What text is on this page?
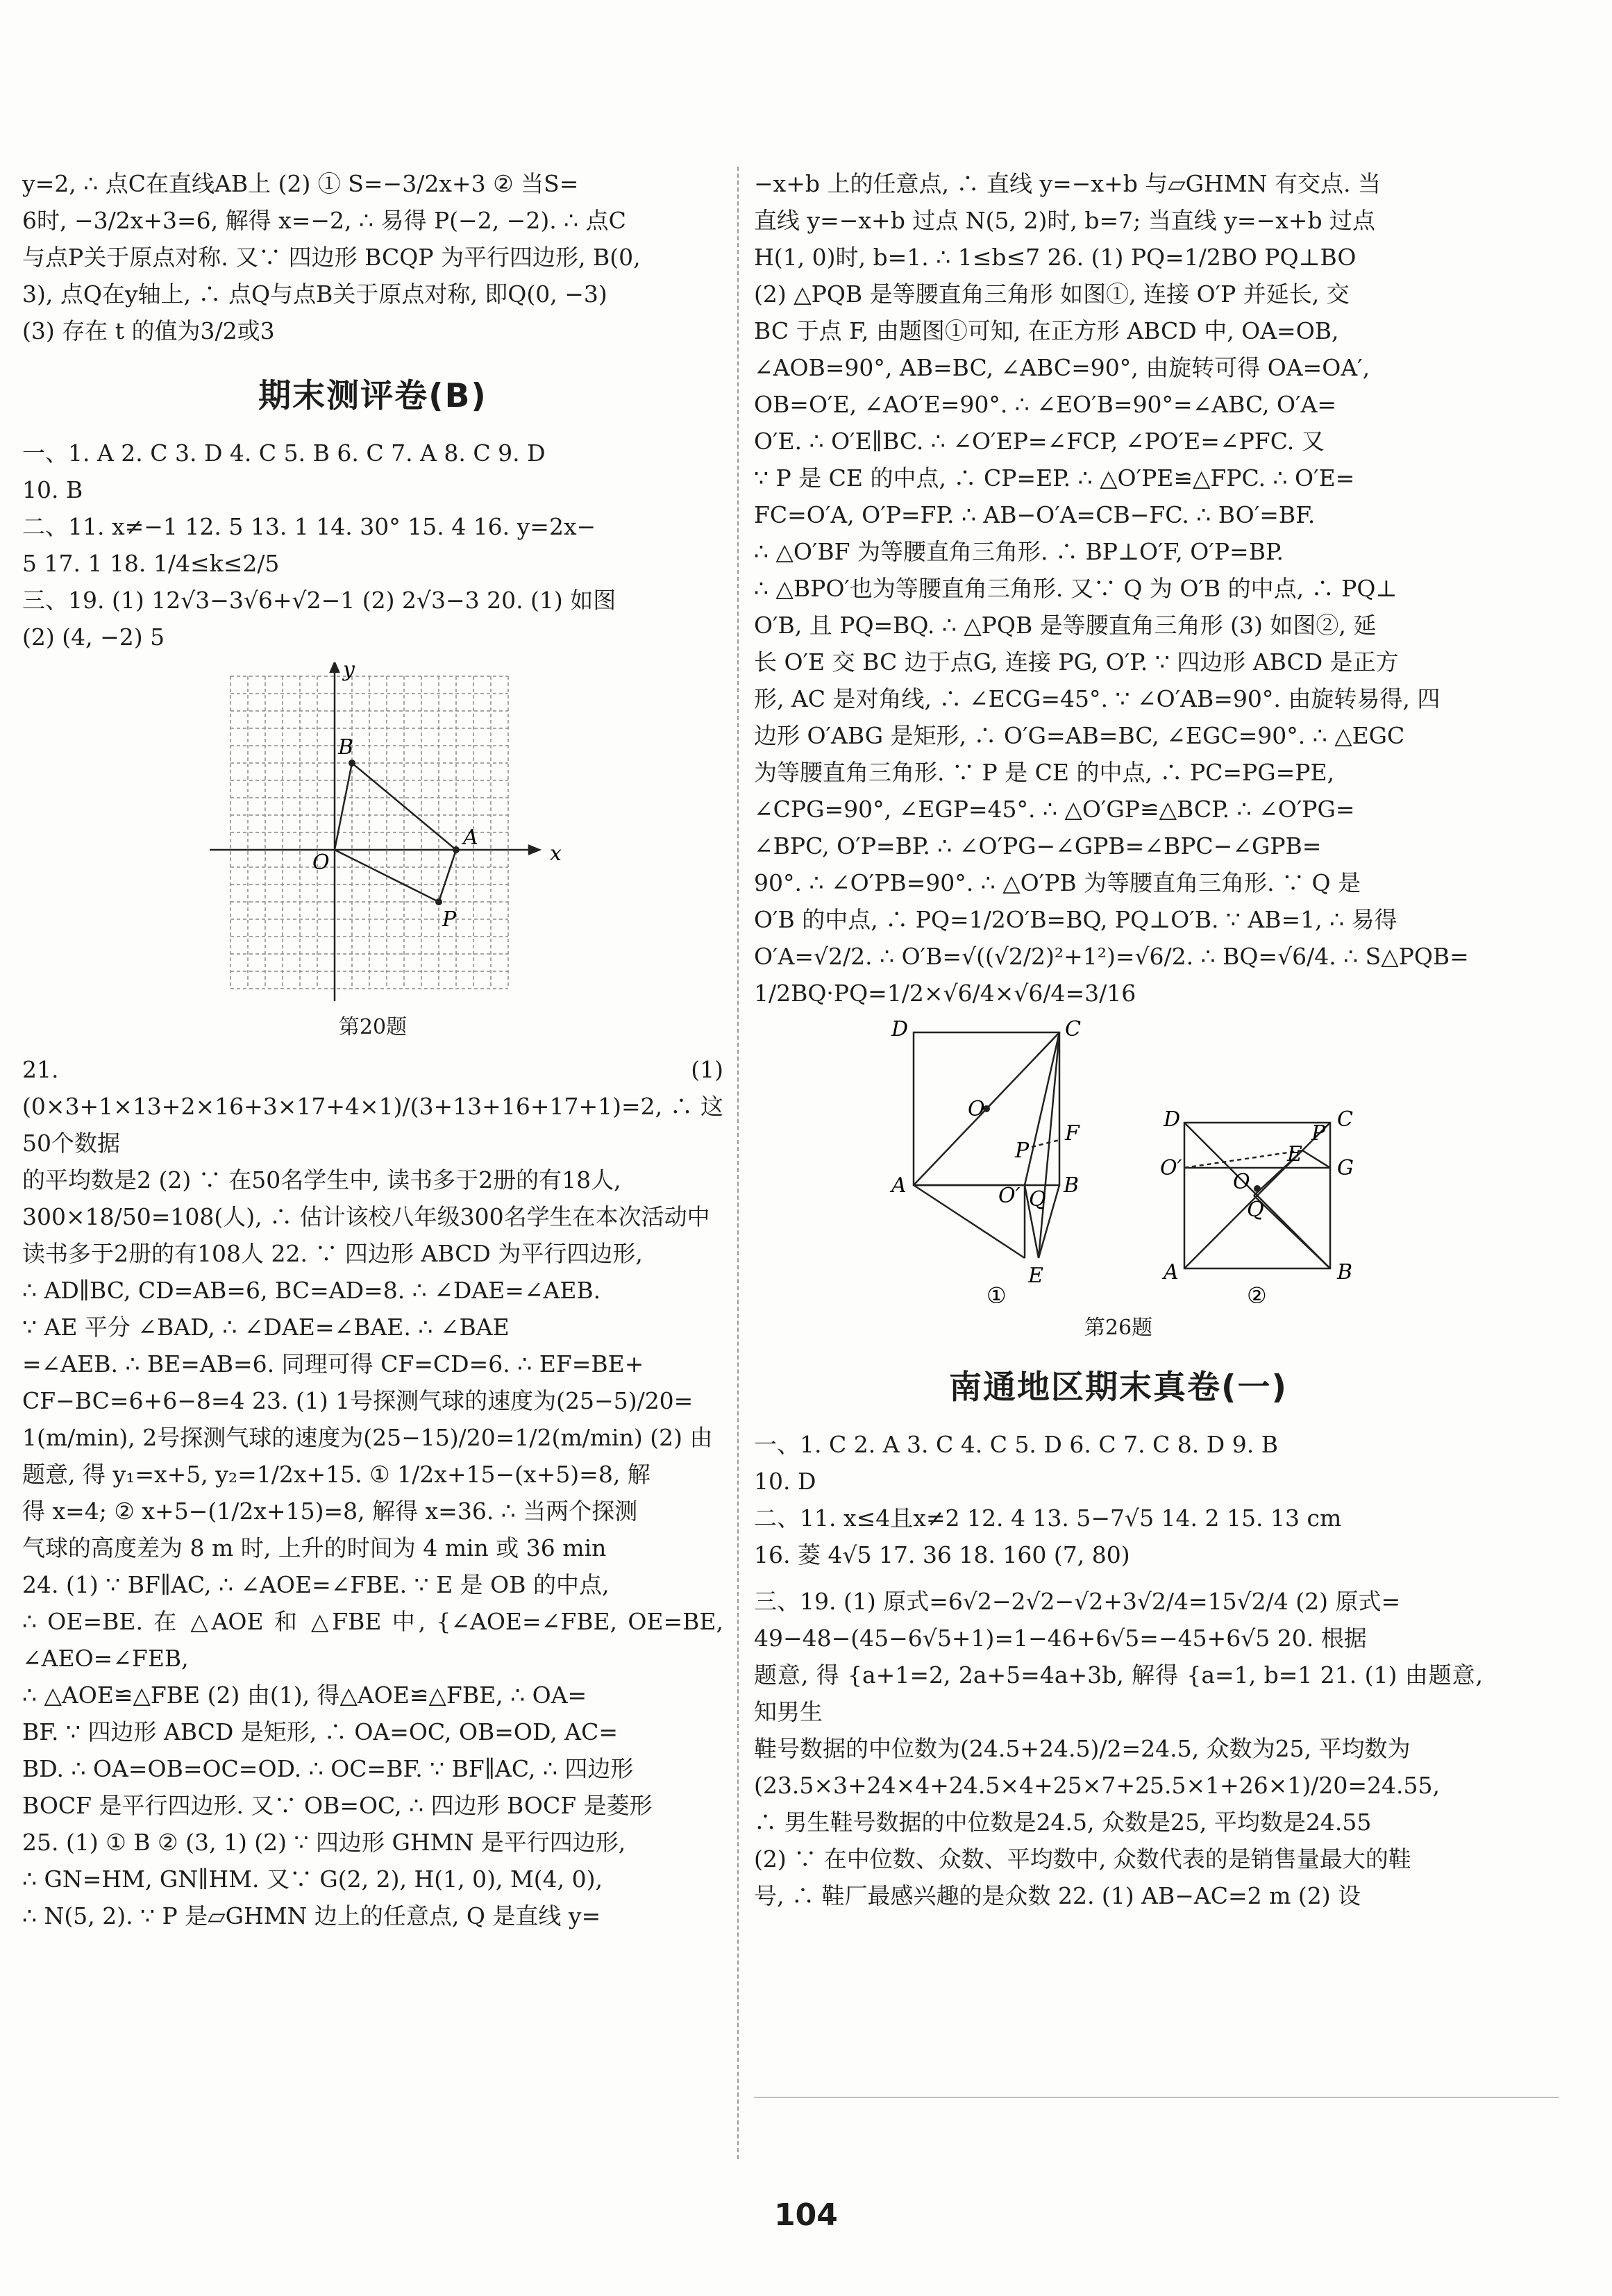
y=2, ∴ 点C在直线AB上 (2) ① S=−3/2x+3 ② 当S=

6时, −3/2x+3=6, 解得 x=−2, ∴ 易得 P(−2, −2). ∴ 点C

与点P关于原点对称. 又∵ 四边形 BCQP 为平行四边形, B(0,

3), 点Q在y轴上, ∴ 点Q与点B关于原点对称, 即Q(0, −3)

(3) 存在 t 的值为3/2或3

期末测评卷(B)

一、1. A 2. C 3. D 4. C 5. B 6. C 7. A 8. C 9. D

10. B

二、11. x≠−1 12. 5 13. 1 14. 30° 15. 4 16. y=2x−

5 17. 1 18. 1/4≤k≤2/5

三、19. (1) 12√3−3√6+√2−1 (2) 2√3−3 20. (1) 如图

(2) (4, −2) 5

x
y
O
B
A
P
第20题

21. (1) (0×3+1×13+2×16+3×17+4×1)/(3+13+16+17+1)=2, ∴ 这50个数据

的平均数是2 (2) ∵ 在50名学生中, 读书多于2册的有18人,

300×18/50=108(人), ∴ 估计该校八年级300名学生在本次活动中

读书多于2册的有108人 22. ∵ 四边形 ABCD 为平行四边形,

∴ AD∥BC, CD=AB=6, BC=AD=8. ∴ ∠DAE=∠AEB.

∵ AE 平分 ∠BAD, ∴ ∠DAE=∠BAE. ∴ ∠BAE

=∠AEB. ∴ BE=AB=6. 同理可得 CF=CD=6. ∴ EF=BE+

CF−BC=6+6−8=4 23. (1) 1号探测气球的速度为(25−5)/20=

1(m/min), 2号探测气球的速度为(25−15)/20=1/2(m/min) (2) 由

题意, 得 y₁=x+5, y₂=1/2x+15. ① 1/2x+15−(x+5)=8, 解

得 x=4; ② x+5−(1/2x+15)=8, 解得 x=36. ∴ 当两个探测

气球的高度差为 8 m 时, 上升的时间为 4 min 或 36 min

24. (1) ∵ BF∥AC, ∴ ∠AOE=∠FBE. ∵ E 是 OB 的中点,

∴ OE=BE. 在 △AOE 和 △FBE 中, {∠AOE=∠FBE, OE=BE, ∠AEO=∠FEB,

∴ △AOE≌△FBE (2) 由(1), 得△AOE≌△FBE, ∴ OA=

BF. ∵ 四边形 ABCD 是矩形, ∴ OA=OC, OB=OD, AC=

BD. ∴ OA=OB=OC=OD. ∴ OC=BF. ∵ BF∥AC, ∴ 四边形

BOCF 是平行四边形. 又∵ OB=OC, ∴ 四边形 BOCF 是菱形

25. (1) ① B ② (3, 1) (2) ∵ 四边形 GHMN 是平行四边形,

∴ GN=HM, GN∥HM. 又∵ G(2, 2), H(1, 0), M(4, 0),

∴ N(5, 2). ∵ P 是▱GHMN 边上的任意点, Q 是直线 y=

−x+b 上的任意点, ∴ 直线 y=−x+b 与▱GHMN 有交点. 当

直线 y=−x+b 过点 N(5, 2)时, b=7; 当直线 y=−x+b 过点

H(1, 0)时, b=1. ∴ 1≤b≤7 26. (1) PQ=1/2BO PQ⊥BO

(2) △PQB 是等腰直角三角形 如图①, 连接 O′P 并延长, 交

BC 于点 F, 由题图①可知, 在正方形 ABCD 中, OA=OB,

∠AOB=90°, AB=BC, ∠ABC=90°, 由旋转可得 OA=OA′,

OB=O′E, ∠AO′E=90°. ∴ ∠EO′B=90°=∠ABC, O′A=

O′E. ∴ O′E∥BC. ∴ ∠O′EP=∠FCP, ∠PO′E=∠PFC. 又

∵ P 是 CE 的中点, ∴ CP=EP. ∴ △O′PE≌△FPC. ∴ O′E=

FC=O′A, O′P=FP. ∴ AB−O′A=CB−FC. ∴ BO′=BF.

∴ △O′BF 为等腰直角三角形. ∴ BP⊥O′F, O′P=BP.

∴ △BPO′也为等腰直角三角形. 又∵ Q 为 O′B 的中点, ∴ PQ⊥

O′B, 且 PQ=BQ. ∴ △PQB 是等腰直角三角形 (3) 如图②, 延

长 O′E 交 BC 边于点G, 连接 PG, O′P. ∵ 四边形 ABCD 是正方

形, AC 是对角线, ∴ ∠ECG=45°. ∵ ∠O′AB=90°. 由旋转易得, 四

边形 O′ABG 是矩形, ∴ O′G=AB=BC, ∠EGC=90°. ∴ △EGC

为等腰直角三角形. ∵ P 是 CE 的中点, ∴ PC=PG=PE,

∠CPG=90°, ∠EGP=45°. ∴ △O′GP≌△BCP. ∴ ∠O′PG=

∠BPC, O′P=BP. ∴ ∠O′PG−∠GPB=∠BPC−∠GPB=

90°. ∴ ∠O′PB=90°. ∴ △O′PB 为等腰直角三角形. ∵ Q 是

O′B 的中点, ∴ PQ=1/2O′B=BQ, PQ⊥O′B. ∵ AB=1, ∴ 易得

O′A=√2/2. ∴ O′B=√((√2/2)²+1²)=√6/2. ∴ BQ=√6/4. ∴ S△PQB=

1/2BQ·PQ=1/2×√6/4×√6/4=3/16

D	C
O
A	B
P
F
O′ Q
E
①
D	C
P
E
G
O′
O
Q
A	B
②
第26题
南通地区期末真卷(一)

一、1. C 2. A 3. C 4. C 5. D 6. C 7. C 8. D 9. B

10. D

二、11. x≤4且x≠2 12. 4 13. 5−7√5 14. 2 15. 13 cm

16. 菱 4√5 17. 36 18. 160 (7, 80)

三、19. (1) 原式=6√2−2√2−√2+3√2/4=15√2/4 (2) 原式=

49−48−(45−6√5+1)=1−46+6√5=−45+6√5 20. 根据

题意, 得 {a+1=2, 2a+5=4a+3b, 解得 {a=1, b=1 21. (1) 由题意, 知男生

鞋号数据的中位数为(24.5+24.5)/2=24.5, 众数为25, 平均数为

(23.5×3+24×4+24.5×4+25×7+25.5×1+26×1)/20=24.55,

∴ 男生鞋号数据的中位数是24.5, 众数是25, 平均数是24.55

(2) ∵ 在中位数、众数、平均数中, 众数代表的是销售量最大的鞋

号, ∴ 鞋厂最感兴趣的是众数 22. (1) AB−AC=2 m (2) 设

104
